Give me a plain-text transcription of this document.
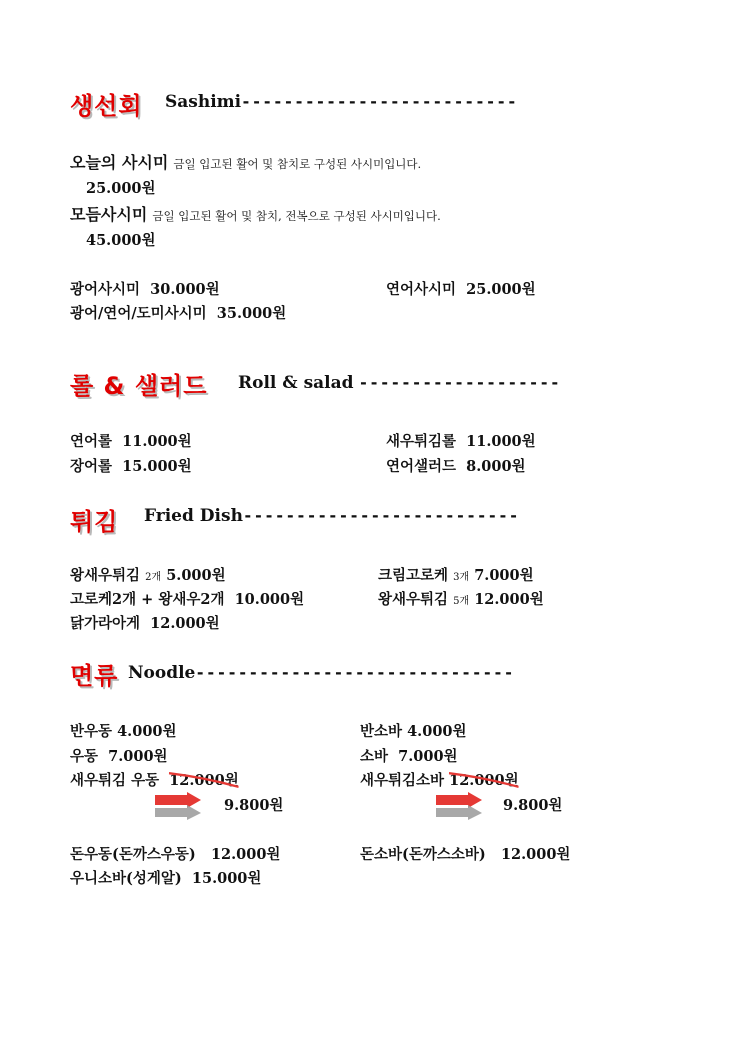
생선회 Sashimi--------------------------
오늘의 사시미 금일 입고된 활어 및 참치로 구성된 사시미입니다.
25.000원
모듬사시미 금일 입고된 활어 및 참치, 전복으로 구성된 사시미입니다.
45.000원
광어사시미 30.000원	연어사시미 25.000원
광어/연어/도미사시미 35.000원
롤 & 샐러드 Roll & salad -------------------
연어롤 11.000원	새우튀김롤 11.000원
장어롤 15.000원	연어샐러드 8.000원
튀김 Fried Dish--------------------------
왕새우튀김 2개 5.000원	크림고로케 3개 7.000원
고로케2개 + 왕새우2개 10.000원	왕새우튀김 5개 12.000원
닭가라아게 12.000원
면류 Noodle------------------------------
반우동 4.000원	반소바 4.000원
우동 7.000원	소바 7.000원
새우튀김 우동 12.000원	새우튀김소바 12.000원
9.800원	9.800원
돈우동(돈까스우동) 12.000원	돈소바(돈까스소바) 12.000원
우니소바(성게알) 15.000원
